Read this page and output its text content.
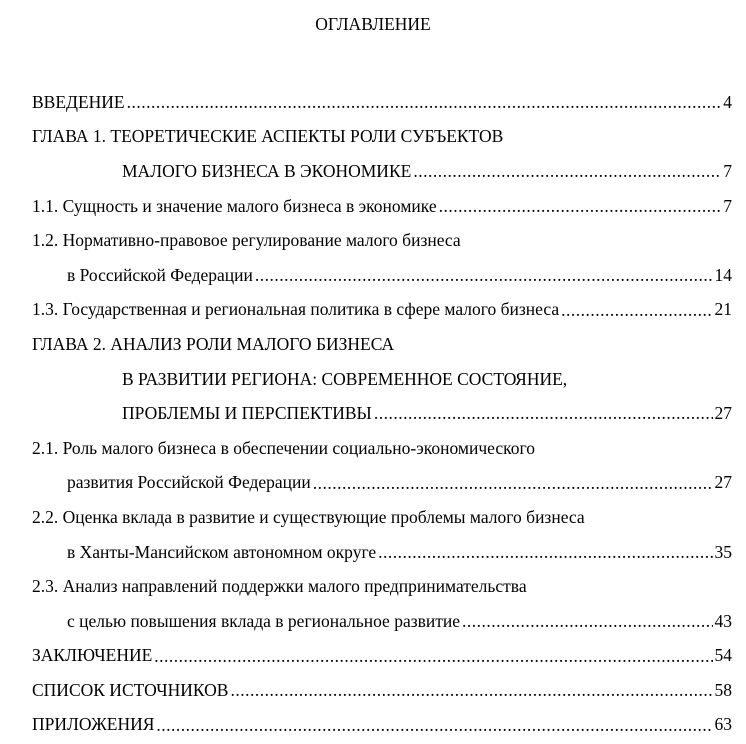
ОГЛАВЛЕНИЕ
ВВЕДЕНИЕ .....	4
ГЛАВА 1. ТЕОРЕТИЧЕСКИЕ АСПЕКТЫ РОЛИ СУБЪЕКТОВ
МАЛОГО БИЗНЕСА В ЭКОНОМИКЕ .....	7
1.1. Сущность и значение малого бизнеса в экономике .....	7
1.2. Нормативно-правовое регулирование малого бизнеса
в Российской Федерации .....	14
1.3. Государственная и региональная политика в сфере малого бизнеса .....	21
ГЛАВА 2. АНАЛИЗ РОЛИ МАЛОГО БИЗНЕСА
В РАЗВИТИИ РЕГИОНА: СОВРЕМЕННОЕ СОСТОЯНИЕ,
ПРОБЛЕМЫ И ПЕРСПЕКТИВЫ .....	27
2.1. Роль малого бизнеса в обеспечении социально-экономического
развития Российской Федерации .....	27
2.2. Оценка вклада в развитие и существующие проблемы малого бизнеса
в Ханты-Мансийском автономном округе .....	35
2.3. Анализ направлений поддержки малого предпринимательства
с целью повышения вклада в региональное развитие .....	43
ЗАКЛЮЧЕНИЕ .....	54
СПИСОК ИСТОЧНИКОВ .....	58
ПРИЛОЖЕНИЯ .....	63
